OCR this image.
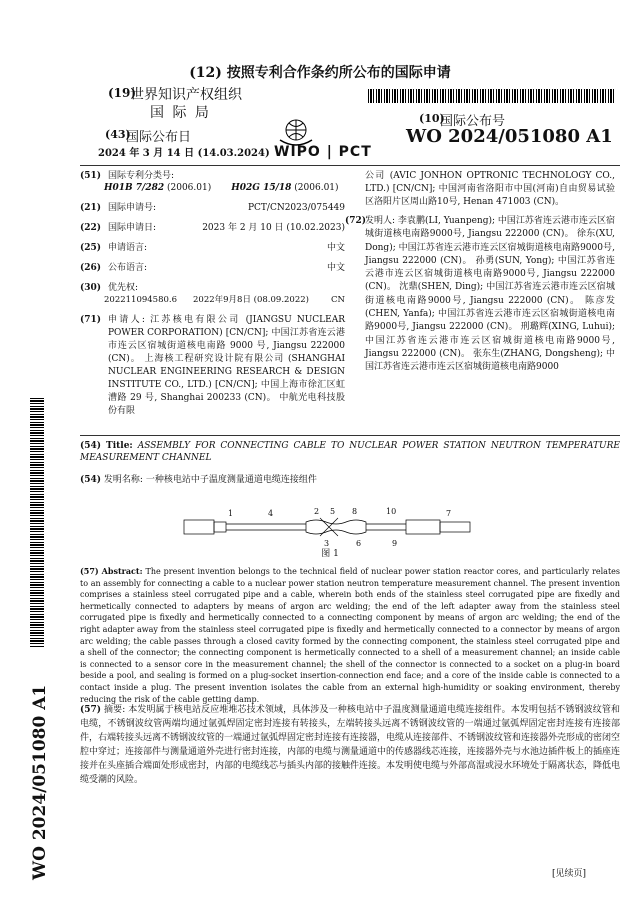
(12) 按照专利合作条约所公布的国际申请
(19)
世界知识产权组织
国 际 局
(43)
国际公布日
2024 年 3 月 14 日 (14.03.2024) WIPO | PCT
(10)
国际公布号
WO 2024/051080 A1
(51) 国际专利分类号:
H01B 7/282
(2006.01) H02G 15/18
(2006.01)
(21) 国际申请号:	PCT/CN2023/075449
(22) 国际申请日:	2023 年 2 月 10 日 (10.02.2023)
(25) 申请语言:	中文
(26) 公布语言:	中文
(30) 优先权:
202211094580.6 2022年9月8日 (08.09.2022)	CN
(71) 申请人: 江苏核电有限公司 (JIANGSU NUCLEAR POWER CORPORATION) [CN/CN]; 中国江苏省连云港市连云区宿城街道核电南路 9000 号, Jiangsu 222000 (CN)。 上海核工程研究设计院有限公司 (SHANGHAI NUCLEAR ENGINEERING RESEARCH & DESIGN INSTITUTE CO., LTD.) [CN/CN]; 中国上海市徐汇区虹漕路 29 号, Shanghai 200233 (CN)。 中航光电科技股份有限

公司 (AVIC JONHON OPTRONIC TECHNOLOGY CO., LTD.) [CN/CN]; 中国河南省洛阳市中国(河南)自由贸易试验区洛阳片区周山路10号, Henan 471003 (CN)。

(72)

发明人: 李袁鹏(LI, Yuanpeng); 中国江苏省连云港市连云区宿城街道核电南路9000号, Jiangsu 222000 (CN)。 徐东(XU, Dong); 中国江苏省连云港市连云区宿城街道核电南路9000号, Jiangsu 222000 (CN)。 孙勇(SUN, Yong); 中国江苏省连云港市连云区宿城街道核电南路9000号, Jiangsu 222000 (CN)。 沈鼎(SHEN, Ding); 中国江苏省连云港市连云区宿城街道核电南路9000号, Jiangsu 222000 (CN)。 陈彦发(CHEN, Yanfa); 中国江苏省连云港市连云区宿城街道核电南路9000号, Jiangsu 222000 (CN)。 刑璐辉(XING, Luhui); 中国江苏省连云港市连云区宿城街道核电南路9000号, Jiangsu 222000 (CN)。 张东生(ZHANG, Dongsheng); 中国江苏省连云港市连云区宿城街道核电南路9000

(54) Title: ASSEMBLY FOR CONNECTING CABLE TO NUCLEAR POWER STATION NEUTRON TEMPERATURE MEASUREMENT CHANNEL
(54) 发明名称: 一种核电站中子温度测量通道电缆连接组件
1	4	2 5 8	10
3	6	9
7
图 1
(57) Abstract: The present invention belongs to the technical field of nuclear power station reactor cores, and particularly relates to an assembly for connecting a cable to a nuclear power station neutron temperature measurement channel. The present invention comprises a stainless steel corrugated pipe and a cable, wherein both ends of the stainless steel corrugated pipe are fixedly and hermetically connected to adapters by means of argon arc welding; the end of the left adapter away from the stainless steel corrugated pipe is fixedly and hermetically connected to a connecting component by means of argon arc welding; the end of the right adapter away from the stainless steel corrugated pipe is fixedly and hermetically connected to a connector by means of argon arc welding; the cable passes through a closed cavity formed by the connecting component, the stainless steel corrugated pipe and a shell of the connector; the connecting component is hermetically connected to a shell of a measurement channel; an inside cable is connected to a sensor core in the measurement channel; the shell of the connector is connected to a socket on a plug-in board beside a pool, and sealing is formed on a plug-socket insertion-connection end face; and a core of the inside cable is connected to a contact inside a plug. The present invention isolates the cable from an external high-humidity or soaking environment, thereby reducing the risk of the cable getting damp.
(57) 摘要: 本发明属于核电站反应堆堆芯技术领域，具体涉及一种核电站中子温度测量通道电缆连接组件。本发明包括不锈钢波纹管和电缆，不锈钢波纹管两端均通过氩弧焊固定密封连接有转接头，左端转接头远离不锈钢波纹管的一端通过氩弧焊固定密封连接有连接部件，右端转接头远离不锈钢波纹管的一端通过氩弧焊固定密封连接有连接器，电缆从连接部件、不锈钢波纹管和连接器外壳形成的密闭空腔中穿过；连接部件与测量通道外壳进行密封连接，内部的电缆与测量通道中的传感器线芯连接，连接器外壳与水池边插件板上的插座连接并在头座插合端面处形成密封，内部的电缆线芯与插头内部的接触件连接。本发明使电缆与外部高湿或浸水环境处于隔离状态，降低电缆受潮的风险。
WO 2024/051080 A1	[见续页]
